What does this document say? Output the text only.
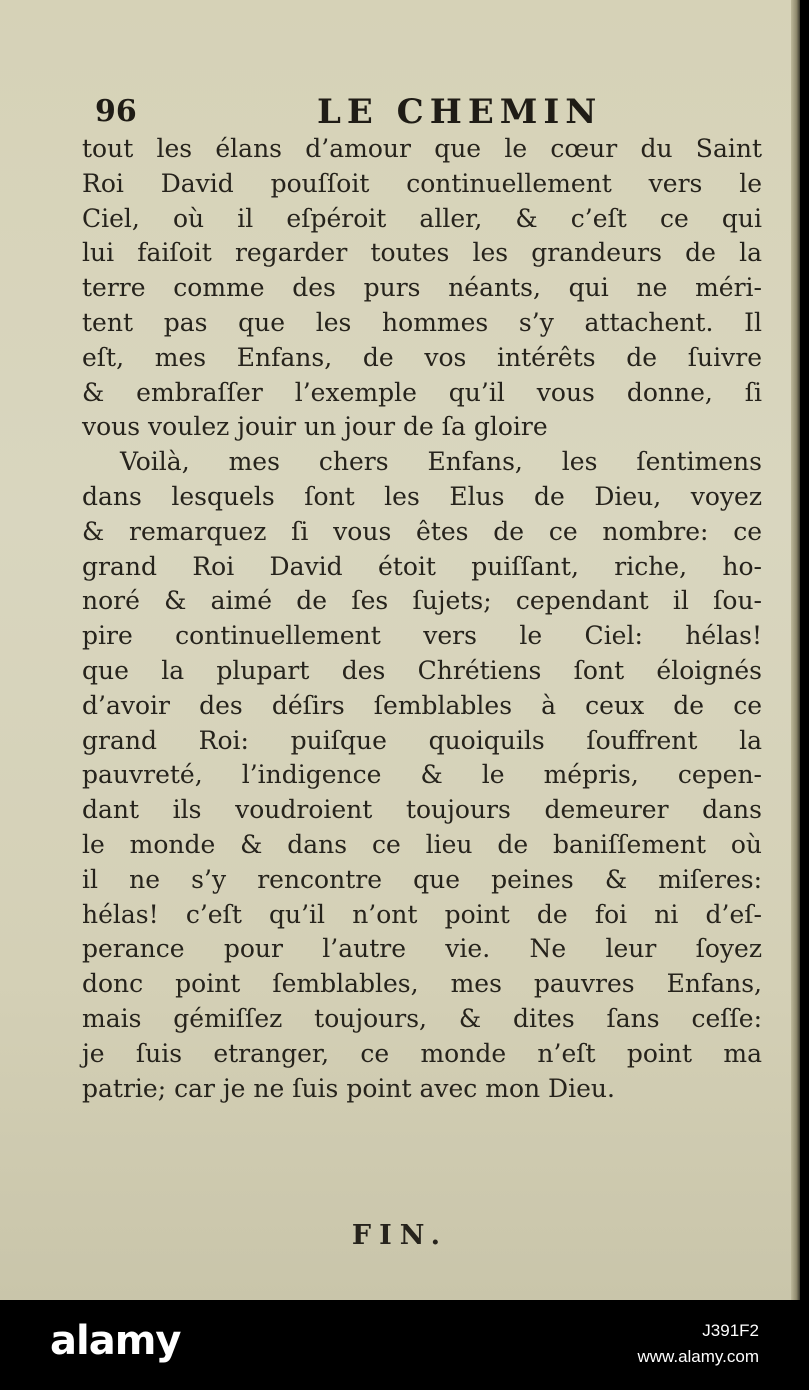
96	LE CHEMIN
tout les élans d’amour que le cœur du Saint
Roi David pouſſoit continuellement vers le
Ciel, où il eſpéroit aller, & c’eſt ce qui
lui faiſoit regarder toutes les grandeurs de la
terre comme des purs néants, qui ne méri-
tent pas que les hommes s’y attachent. Il
eſt, mes Enfans, de vos intérêts de ſuivre
& embraſſer l’exemple qu’il vous donne, ſi
vous voulez jouir un jour de ſa gloire
Voilà, mes chers Enfans, les ſentimens
dans lesquels ſont les Elus de Dieu, voyez
& remarquez ſi vous êtes de ce nombre: ce
grand Roi David étoit puiſſant, riche, ho-
noré & aimé de ſes ſujets; cependant il ſou-
pire continuellement vers le Ciel: hélas!
que la plupart des Chrétiens ſont éloignés
d’avoir des déſirs ſemblables à ceux de ce
grand Roi: puiſque quoiquils ſouffrent la
pauvreté, l’indigence & le mépris, cepen-
dant ils voudroient toujours demeurer dans
le monde & dans ce lieu de baniſſement où
il ne s’y rencontre que peines & miſeres:
hélas! c’eſt qu’il n’ont point de foi ni d’eſ-
perance pour l’autre vie. Ne leur ſoyez
donc point ſemblables, mes pauvres Enfans,
mais gémiſſez toujours, & dites ſans ceſſe:
je ſuis etranger, ce monde n’eſt point ma
patrie; car je ne ſuis point avec mon Dieu.
FIN.
alamy	J391F2
www.alamy.com
